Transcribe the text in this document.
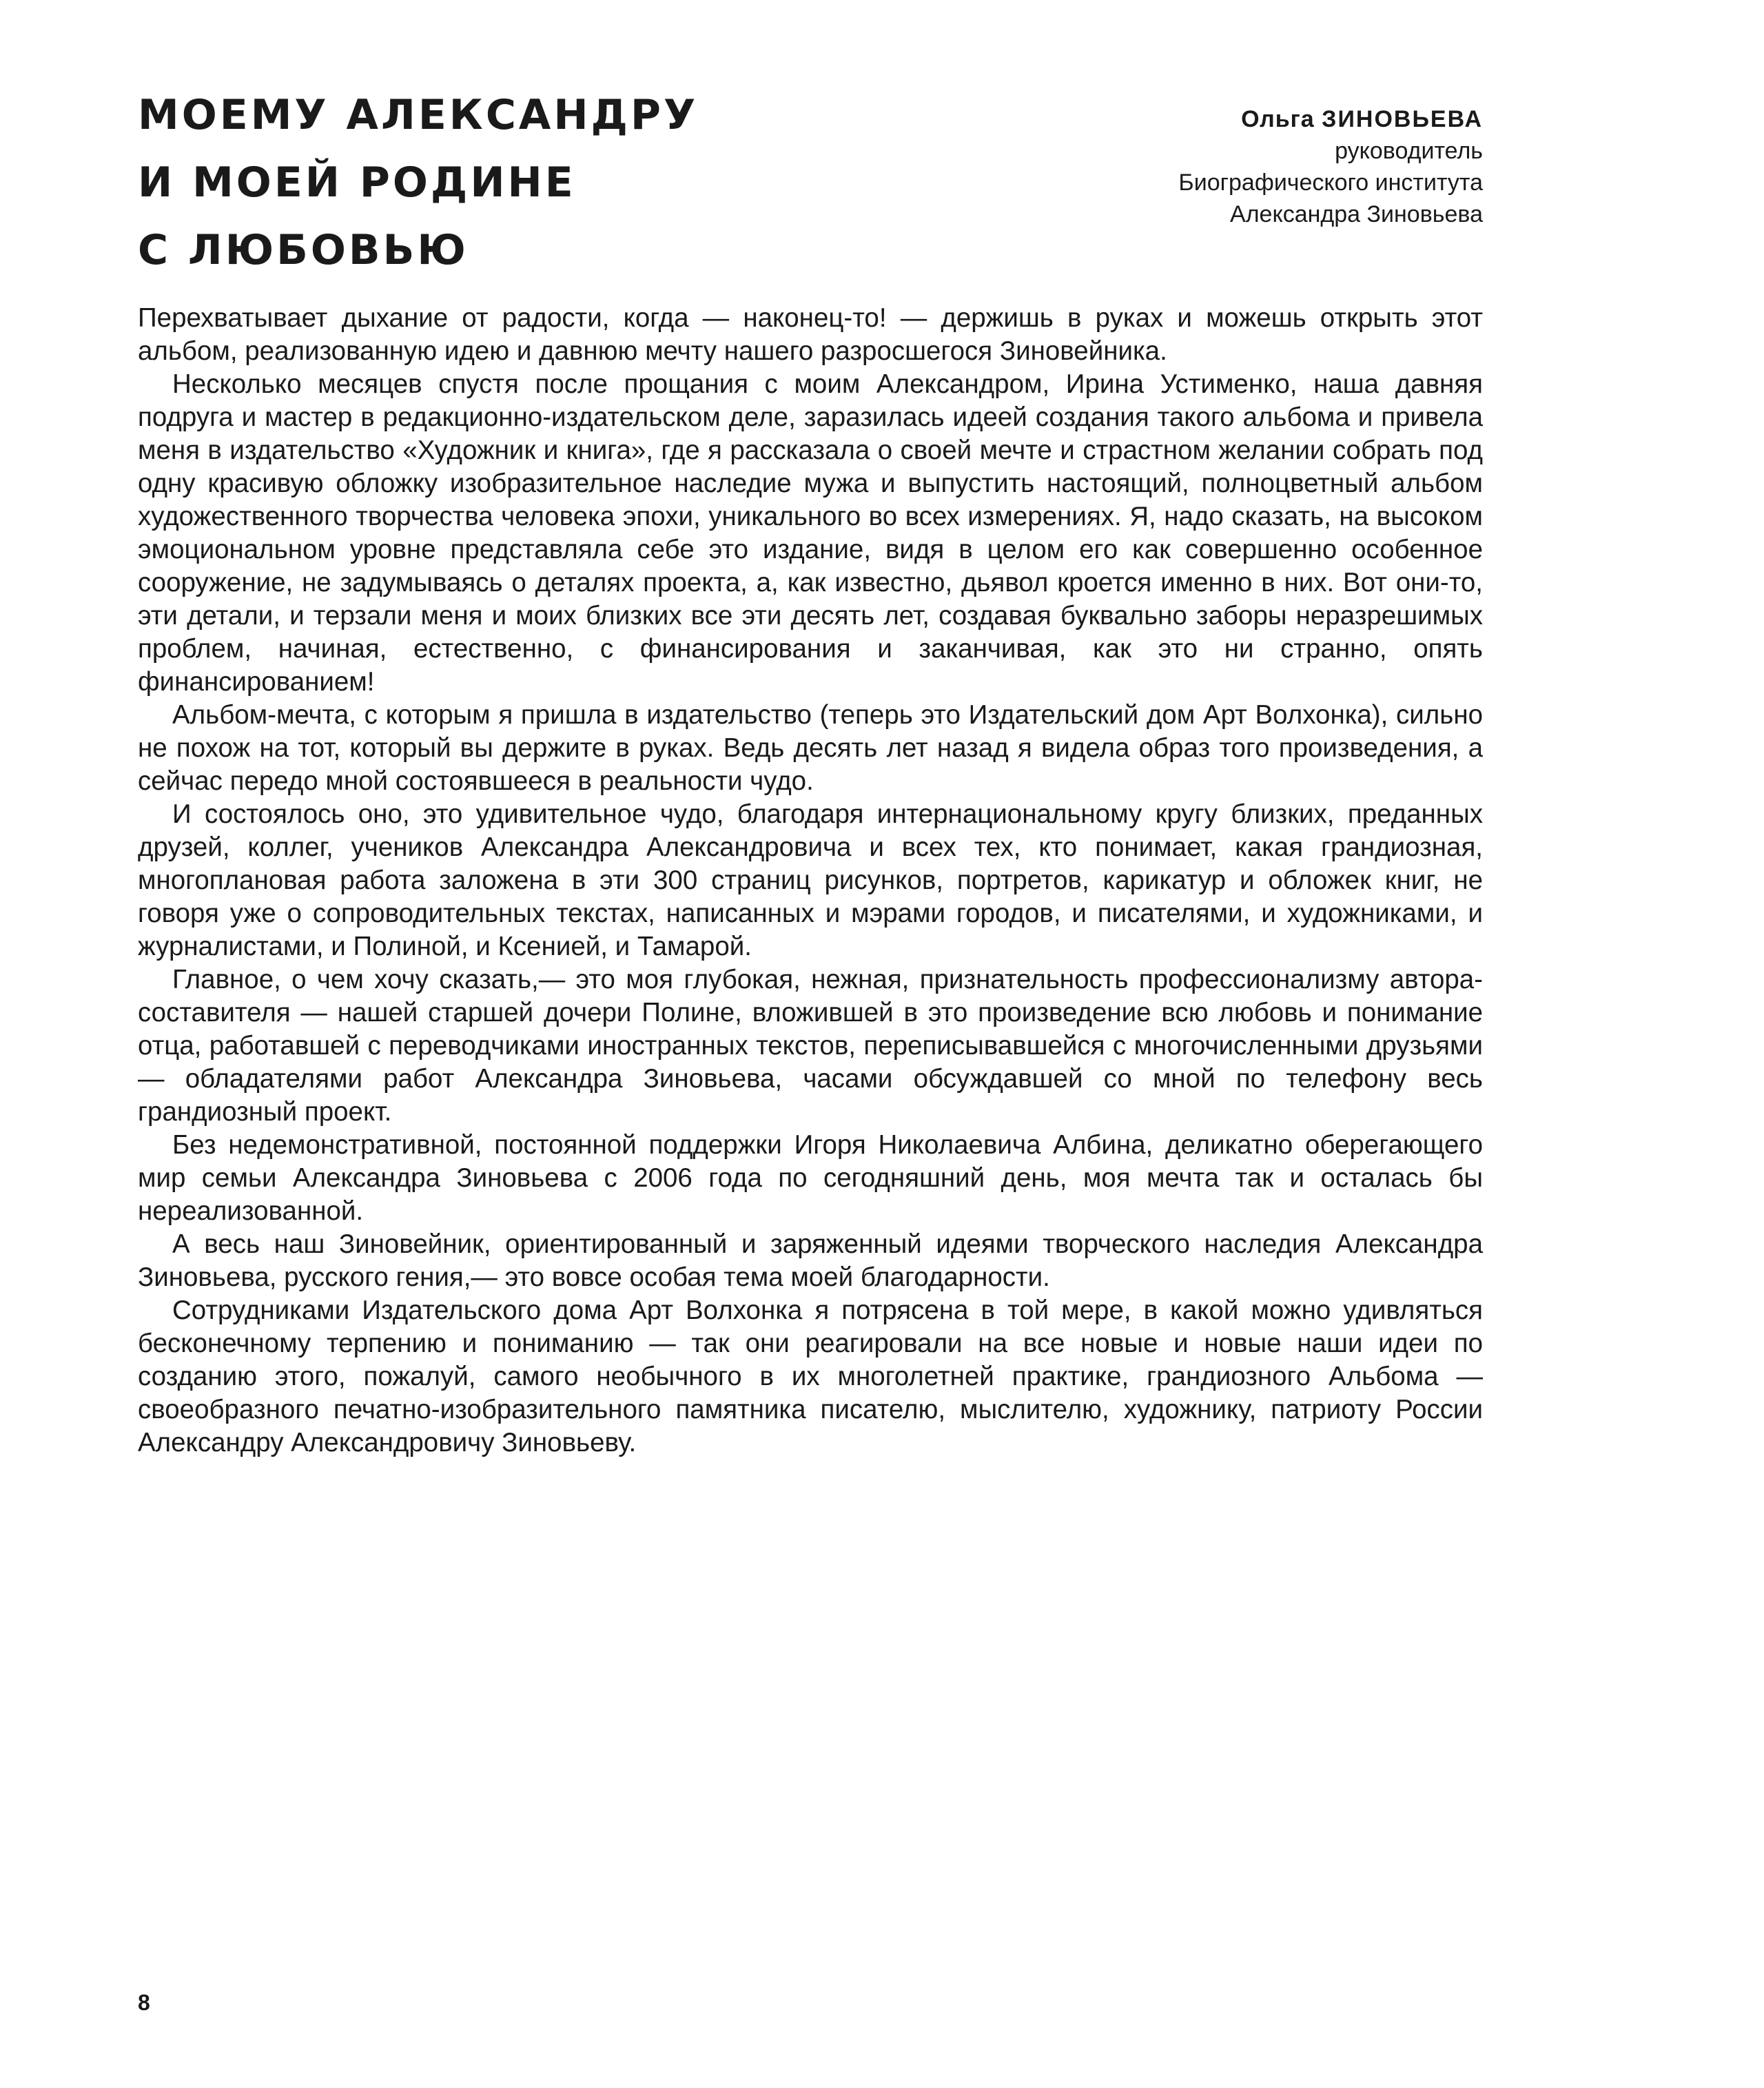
МОЕМУ АЛЕКСАНДРУ
И МОЕЙ РОДИНЕ
С ЛЮБОВЬЮ
Ольга ЗИНОВЬЕВА
руководитель
Биографического института
Александра Зиновьева

Перехватывает дыхание от радости, когда — наконец-то! — держишь в руках и можешь открыть этот альбом, реализованную идею и давнюю мечту нашего разросшегося Зиновейника.

Несколько месяцев спустя после прощания с моим Александром, Ирина Устименко, наша давняя подруга и мастер в редакционно-издательском деле, заразилась идеей создания такого альбома и привела меня в издательство «Художник и книга», где я рассказала о своей мечте и страстном желании собрать под одну красивую обложку изобразительное наследие мужа и выпустить настоящий, полноцветный альбом художественного творчества человека эпохи, уникального во всех измерениях. Я, надо сказать, на высоком эмоциональном уровне представляла себе это издание, видя в целом его как совершенно особенное сооружение, не задумываясь о деталях проекта, а, как известно, дьявол кроется именно в них. Вот они-то, эти детали, и терзали меня и моих близких все эти десять лет, создавая буквально заборы неразрешимых проблем, начиная, естественно, с финансирования и заканчивая, как это ни странно, опять финансированием!

Альбом-мечта, с которым я пришла в издательство (теперь это Издательский дом Арт Волхонка), сильно не похож на тот, который вы держите в руках. Ведь десять лет назад я видела образ того произведения, а сейчас передо мной состоявшееся в реальности чудо.

И состоялось оно, это удивительное чудо, благодаря интернациональному кругу близких, преданных друзей, коллег, учеников Александра Александровича и всех тех, кто понимает, какая грандиозная, многоплановая работа заложена в эти 300 страниц рисунков, портретов, карикатур и обложек книг, не говоря уже о сопроводительных текстах, написанных и мэрами городов, и писателями, и художниками, и журналистами, и Полиной, и Ксенией, и Тамарой.

Главное, о чем хочу сказать,— это моя глубокая, нежная, признательность профессионализму автора-составителя — нашей старшей дочери Полине, вложившей в это произведение всю любовь и понимание отца, работавшей с переводчиками иностранных текстов, переписывавшейся с многочисленными друзьями — обладателями работ Александра Зиновьева, часами обсуждавшей со мной по телефону весь грандиозный проект.

Без недемонстративной, постоянной поддержки Игоря Николаевича Албина, деликатно оберегающего мир семьи Александра Зиновьева с 2006 года по сегодняшний день, моя мечта так и осталась бы нереализованной.

А весь наш Зиновейник, ориентированный и заряженный идеями творческого наследия Александра Зиновьева, русского гения,— это вовсе особая тема моей благодарности.

Сотрудниками Издательского дома Арт Волхонка я потрясена в той мере, в какой можно удивляться бесконечному терпению и пониманию — так они реагировали на все новые и новые наши идеи по созданию этого, пожалуй, самого необычного в их многолетней практике, грандиозного Альбома — своеобразного печатно-изобразительного памятника писателю, мыслителю, художнику, патриоту России Александру Александровичу Зиновьеву.

8
